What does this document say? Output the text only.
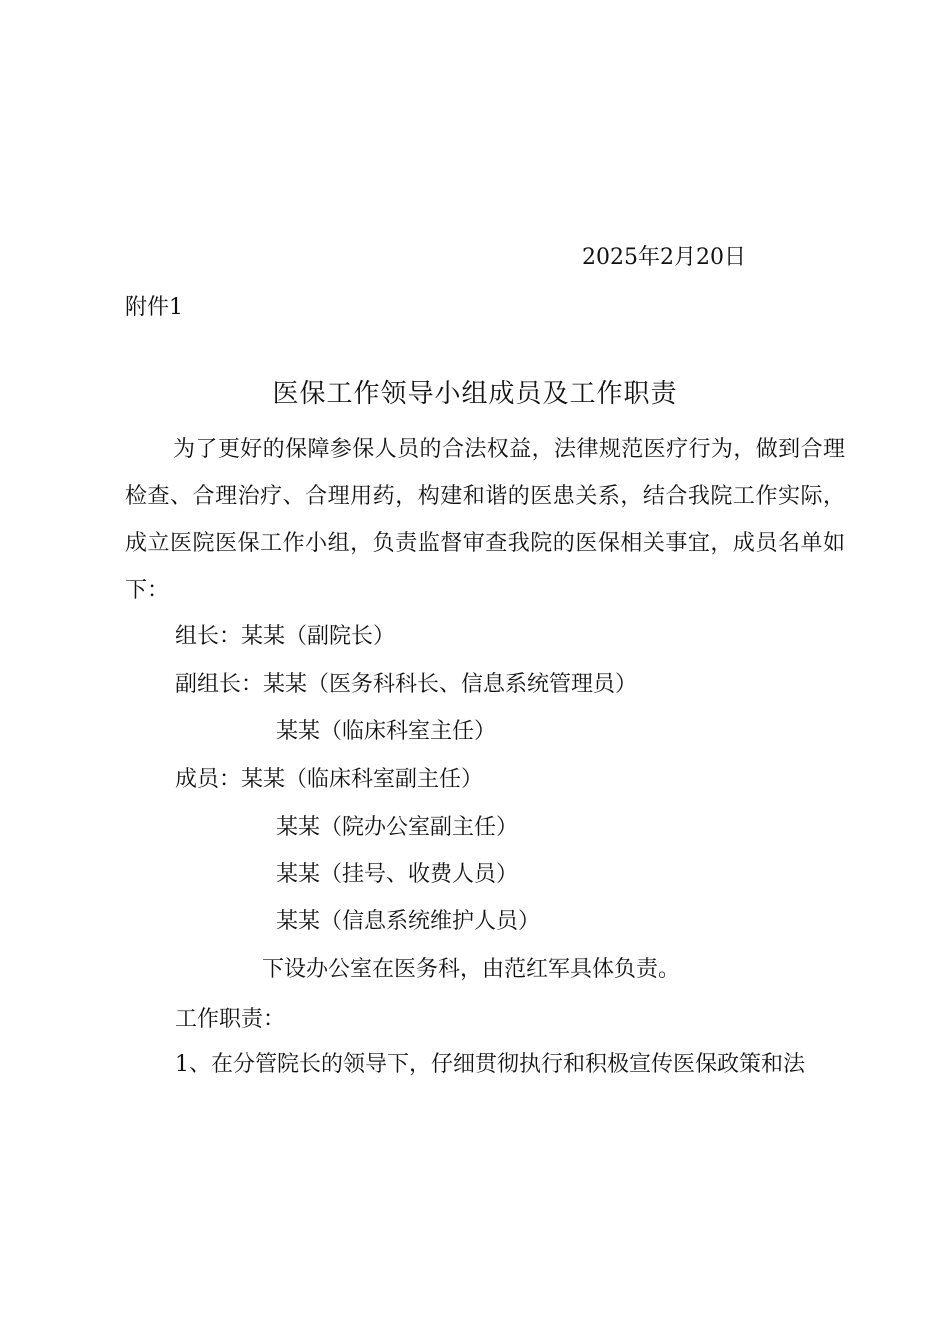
2025年2月20日
附件1
医保工作领导小组成员及工作职责
为了更好的保障参保人员的合法权益，法律规范医疗行为，做到合理检查、合理治疗、合理用药，构建和谐的医患关系，结合我院工作实际，成立医院医保工作小组，负责监督审查我院的医保相关事宜，成员名单如下：
组长：某某（副院长）
副组长：某某（医务科科长、信息系统管理员）
某某（临床科室主任）
成员：某某（临床科室副主任）
某某（院办公室副主任）
某某（挂号、收费人员）
某某（信息系统维护人员）
下设办公室在医务科，由范红军具体负责。
工作职责：
1、在分管院长的领导下，仔细贯彻执行和积极宣传医保政策和法
